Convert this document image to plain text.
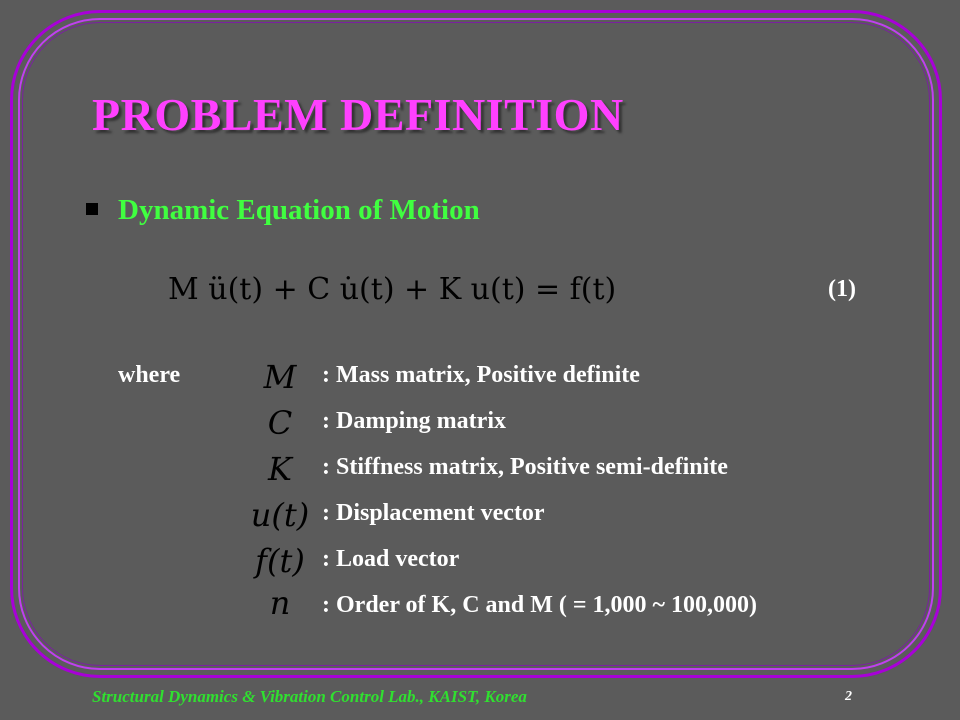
PROBLEM DEFINITION
Dynamic Equation of Motion
M ü(t) + C u̇(t) + K u(t) = f(t)	(1)
where	M	: Mass matrix, Positive definite
C	: Damping matrix
K	: Stiffness matrix, Positive semi-definite
u(t) : Displacement vector
f(t) : Load vector
n	: Order of K, C and M ( = 1,000 ~ 100,000)
Structural Dynamics & Vibration Control Lab., KAIST, Korea	2
